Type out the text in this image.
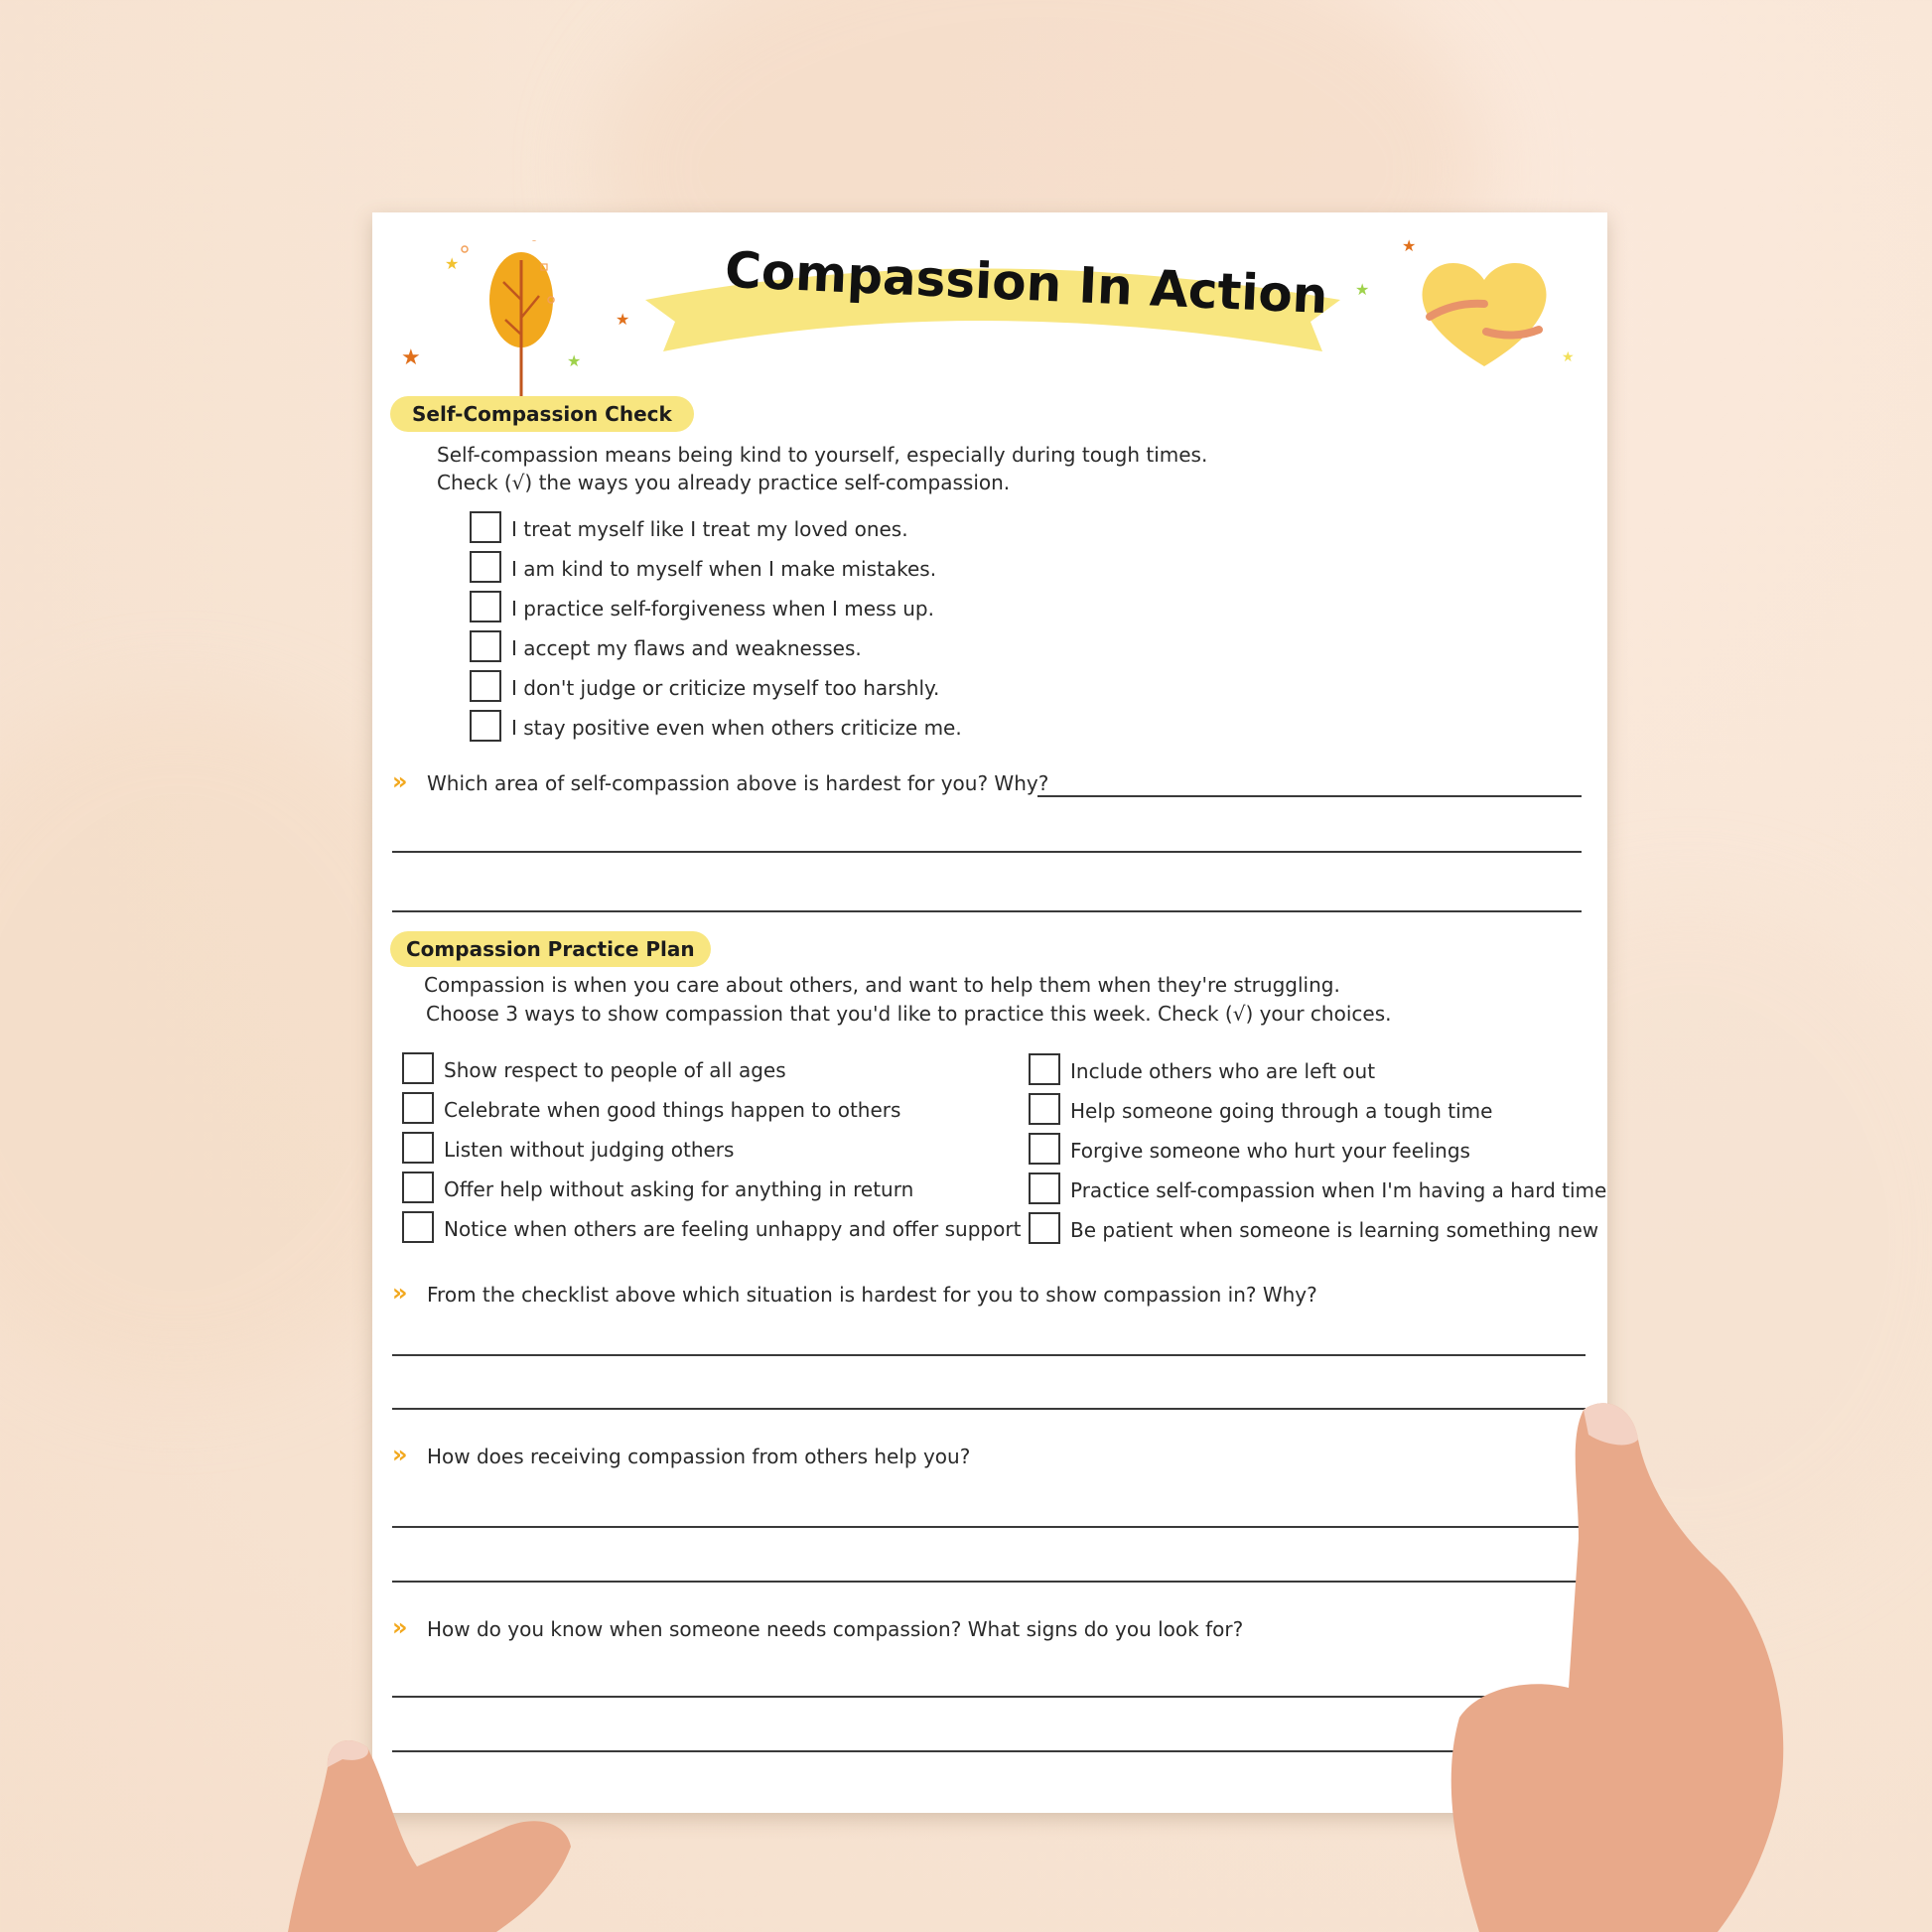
★
★
★
★ Compassion In Action	★
★
★
Self-Compassion Check
Self-compassion means being kind to yourself, especially during tough times.
Check (√) the ways you already practice self-compassion.
I treat myself like I treat my loved ones.
I am kind to myself when I make mistakes.
I practice self-forgiveness when I mess up.
I accept my flaws and weaknesses.
I don't judge or criticize myself too harshly.
I stay positive even when others criticize me.
» Which area of self-compassion above is hardest for you? Why?
Compassion Practice Plan
Compassion is when you care about others, and want to help them when they're struggling.
Choose 3 ways to show compassion that you'd like to practice this week. Check (√) your choices.
Show respect to people of all ages
Celebrate when good things happen to others
Listen without judging others
Offer help without asking for anything in return
Notice when others are feeling unhappy and offer support
Include others who are left out
Help someone going through a tough time
Forgive someone who hurt your feelings
Practice self-compassion when I'm having a hard time
Be patient when someone is learning something new
» From the checklist above which situation is hardest for you to show compassion in? Why?
» How does receiving compassion from others help you?
» How do you know when someone needs compassion? What signs do you look for?
